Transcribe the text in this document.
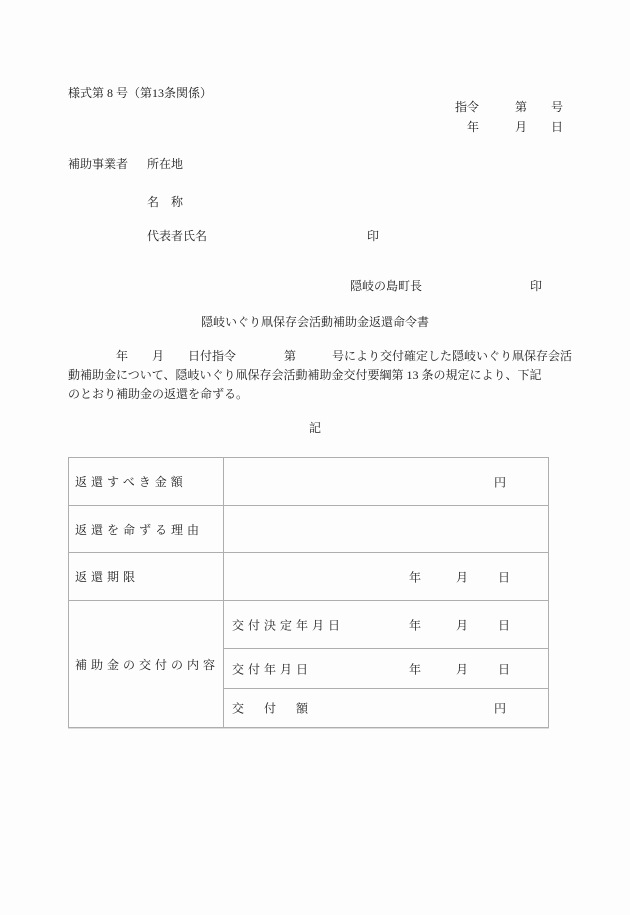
様式第 8 号（第13条関係）
指令　　　第　　号
年　　　月　　日
補助事業者 所在地
名　称
代表者氏名	印
隠岐の島町長	印
隠岐いぐり凧保存会活動補助金返還命令書
　　　　年　　月　　日付指令　　　　第　　　号により交付確定した隠岐いぐり凧保存会活
動補助金について、隠岐いぐり凧保存会活動補助金交付要綱第 13 条の規定により、下記
のとおり補助金の返還を命ずる。
記
返還すべき金額	円

返還を命ずる理由	
返還期限	年 月 日

補助金の交付の内容	交付決定年月日 年 月 日

	交付年月日 年 月 日

	交　付　額 円
